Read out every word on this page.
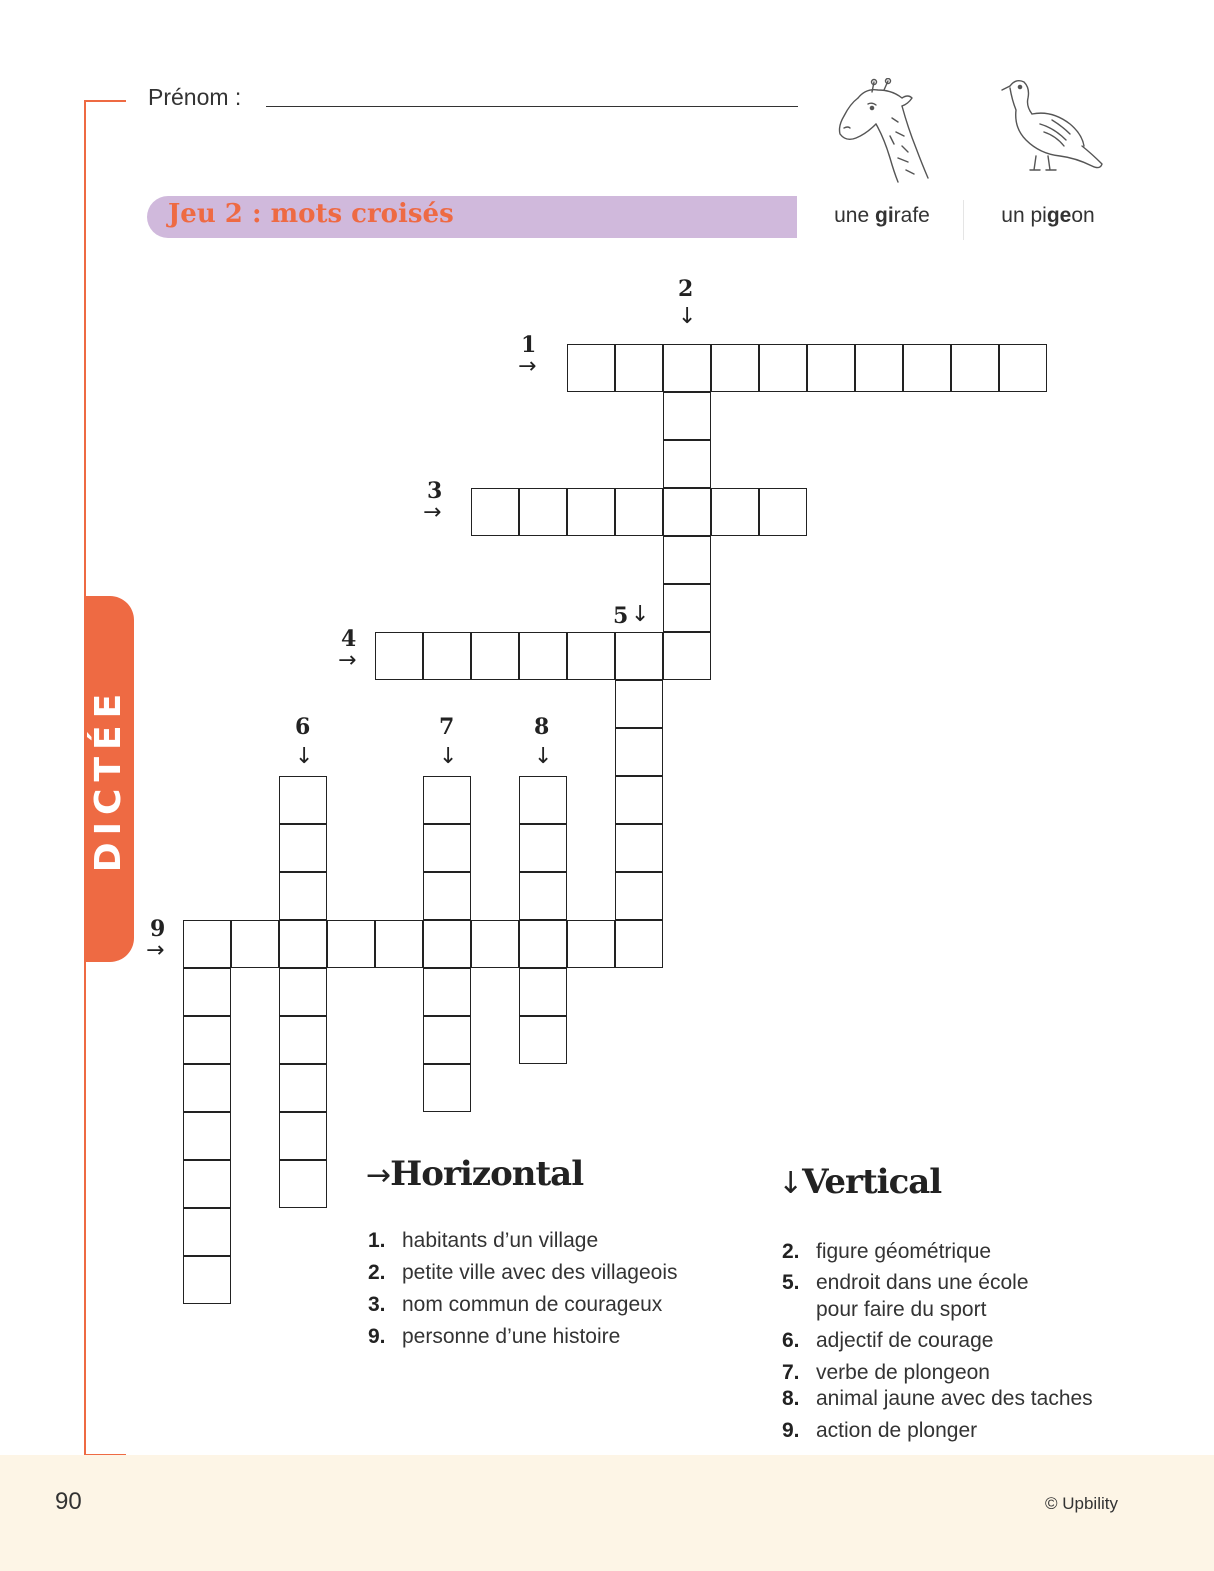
DICTÉE
Prénom :
Jeu 2 : mots croisés	une girafe	un pigeon
1
→
2
↓
3
→
4
→
5 ↓
6
↓
7
↓
8
↓
9
→
→Horizontal	↓Vertical
1. habitants d’un village
2. petite ville avec des villageois
3. nom commun de courageux
9. personne d’une histoire
2. figure géométrique
5. endroit dans une école
pour faire du sport
6. adjectif de courage
7. verbe de plongeon
8. animal jaune avec des taches
9. action de plonger
90	© Upbility
